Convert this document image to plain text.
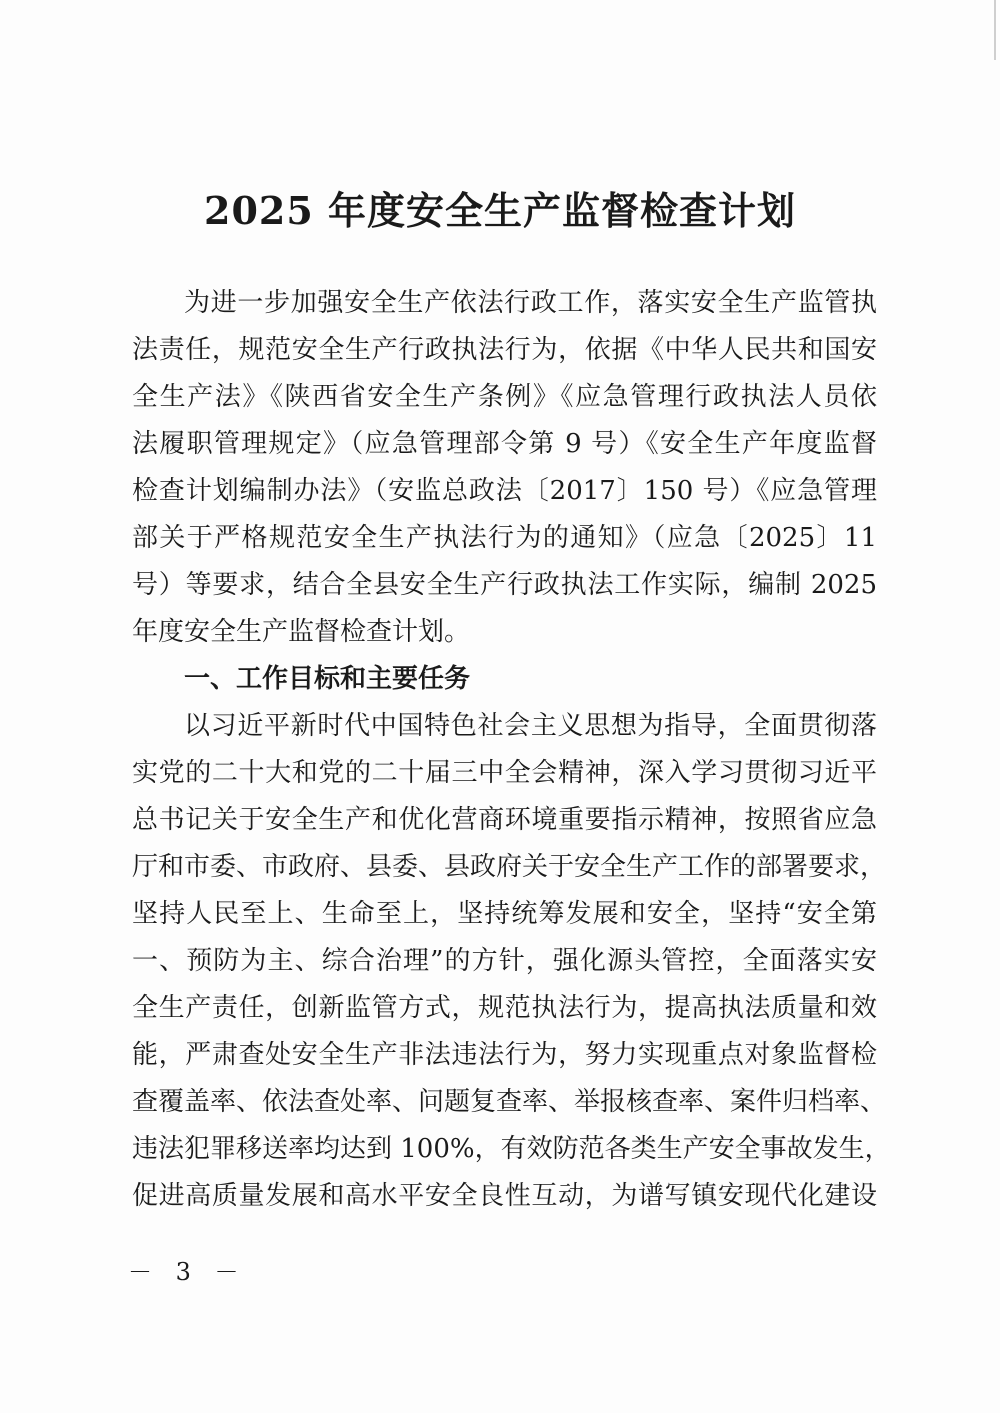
2025 年度安全生产监督检查计划
为进一步加强安全生产依法行政工作，落实安全生产监管执
法责任，规范安全生产行政执法行为，依据《中华人民共和国安
全生产法》《陕西省安全生产条例》《应急管理行政执法人员依
法履职管理规定》（应急管理部令第 9 号）《安全生产年度监督
检查计划编制办法》（安监总政法〔2017〕150 号）《应急管理
部关于严格规范安全生产执法行为的通知》（应急〔2025〕11
号）等要求，结合全县安全生产行政执法工作实际，编制 2025
年度安全生产监督检查计划。
一、工作目标和主要任务
以习近平新时代中国特色社会主义思想为指导，全面贯彻落
实党的二十大和党的二十届三中全会精神，深入学习贯彻习近平
总书记关于安全生产和优化营商环境重要指示精神，按照省应急
厅和市委、市政府、县委、县政府关于安全生产工作的部署要求，
坚持人民至上、生命至上，坚持统筹发展和安全，坚持“安全第
一、预防为主、综合治理”的方针，强化源头管控，全面落实安
全生产责任，创新监管方式，规范执法行为，提高执法质量和效
能，严肃查处安全生产非法违法行为，努力实现重点对象监督检
查覆盖率、依法查处率、问题复查率、举报核查率、案件归档率、
违法犯罪移送率均达到 100%，有效防范各类生产安全事故发生，
促进高质量发展和高水平安全良性互动，为谱写镇安现代化建设
－ 3 －
